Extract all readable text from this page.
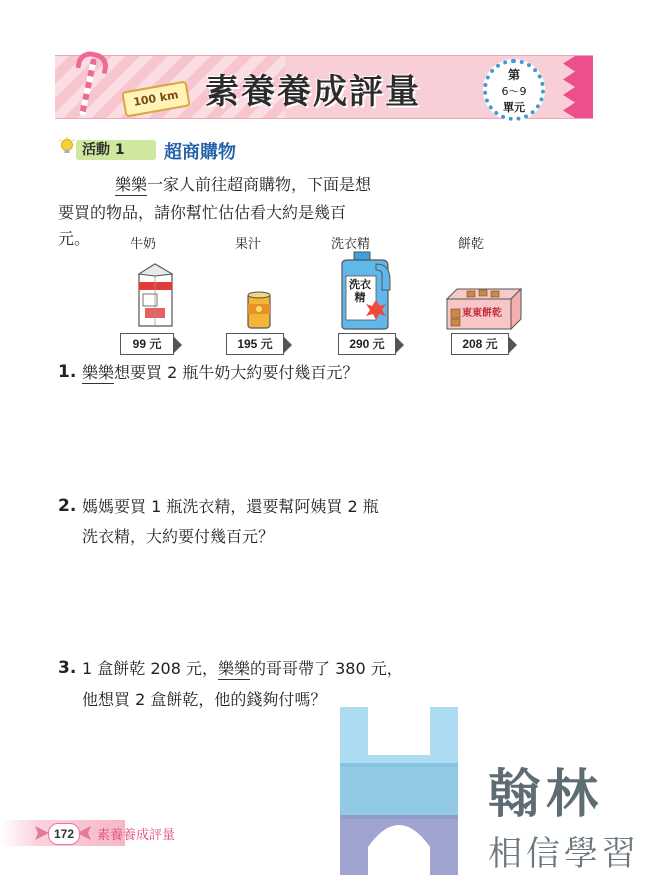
100 km 素養養成評量	第
6～9
單元
活動 1	超商購物
樂樂一家人前往超商購物，下面是想
要買的物品，請你幫忙估估看大約是幾百
元。	牛奶	果汁	洗衣精	餅乾
洗衣精
東東餅乾
99 元	195 元	290 元	208 元
1. 樂樂想要買 2 瓶牛奶大約要付幾百元？
2. 媽媽要買 1 瓶洗衣精，還要幫阿姨買 2 瓶
洗衣精，大約要付幾百元？
3. 1 盒餅乾 208 元，樂樂的哥哥帶了 380 元，
他想買 2 盒餅乾，他的錢夠付嗎？
翰林
相信學習
172	素養養成評量
